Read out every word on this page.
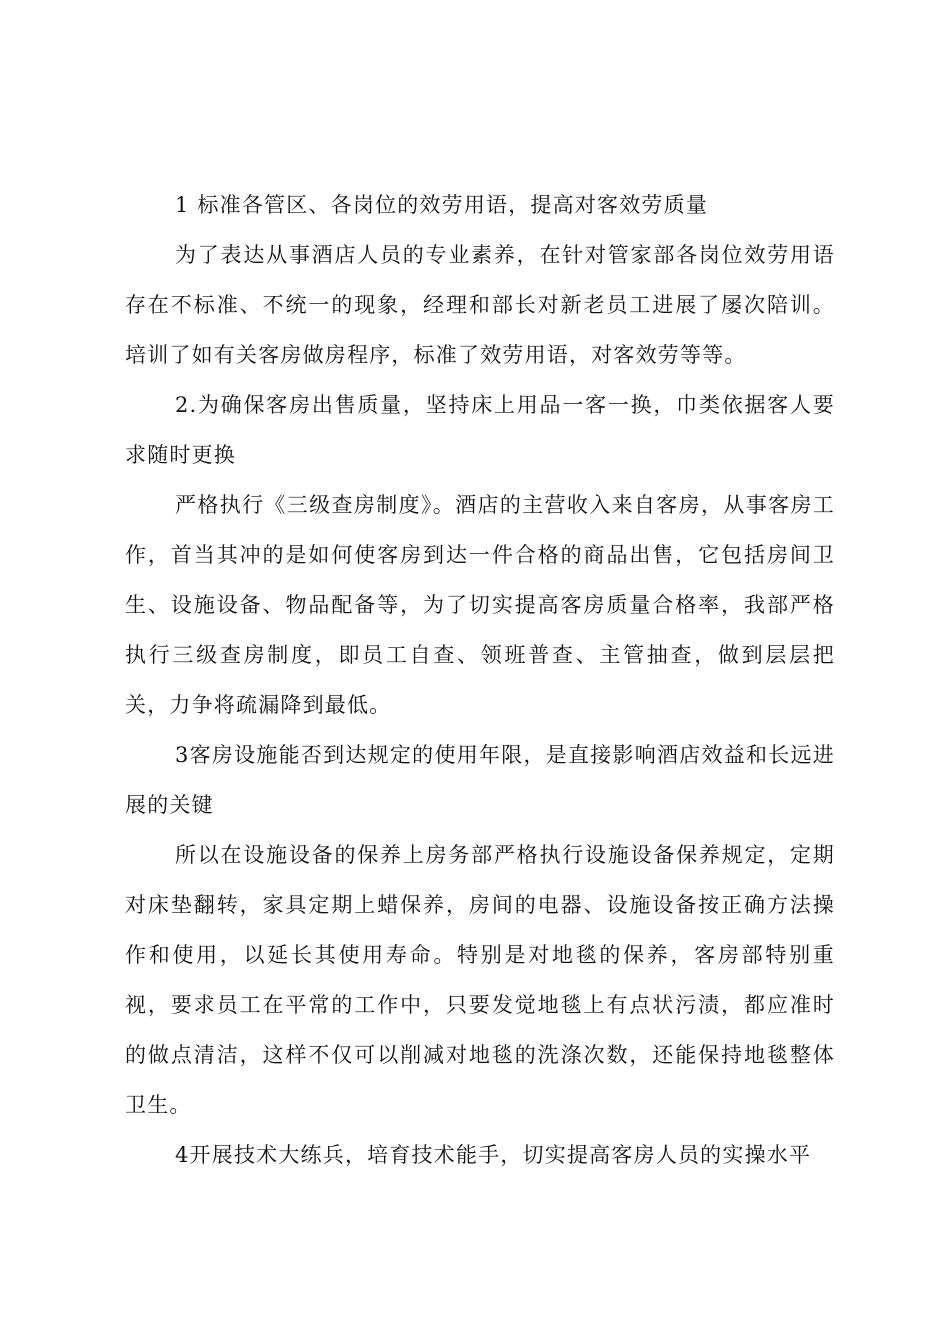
1 标准各管区、各岗位的效劳用语，提高对客效劳质量

为了表达从事酒店人员的专业素养，在针对管家部各岗位效劳用语存在不标准、不统一的现象，经理和部长对新老员工进展了屡次陪训。培训了如有关客房做房程序，标准了效劳用语，对客效劳等等。

2.为确保客房出售质量，坚持床上用品一客一换，巾类依据客人要求随时更换

严格执行《三级查房制度》。酒店的主营收入来自客房，从事客房工作，首当其冲的是如何使客房到达一件合格的商品出售，它包括房间卫生、设施设备、物品配备等，为了切实提高客房质量合格率，我部严格执行三级查房制度，即员工自查、领班普查、主管抽查，做到层层把关，力争将疏漏降到最低。

3客房设施能否到达规定的使用年限，是直接影响酒店效益和长远进展的关键

所以在设施设备的保养上房务部严格执行设施设备保养规定，定期对床垫翻转，家具定期上蜡保养，房间的电器、设施设备按正确方法操作和使用，以延长其使用寿命。特别是对地毯的保养，客房部特别重视，要求员工在平常的工作中，只要发觉地毯上有点状污渍，都应准时的做点清洁，这样不仅可以削减对地毯的洗涤次数，还能保持地毯整体卫生。

4开展技术大练兵，培育技术能手，切实提高客房人员的实操水平
